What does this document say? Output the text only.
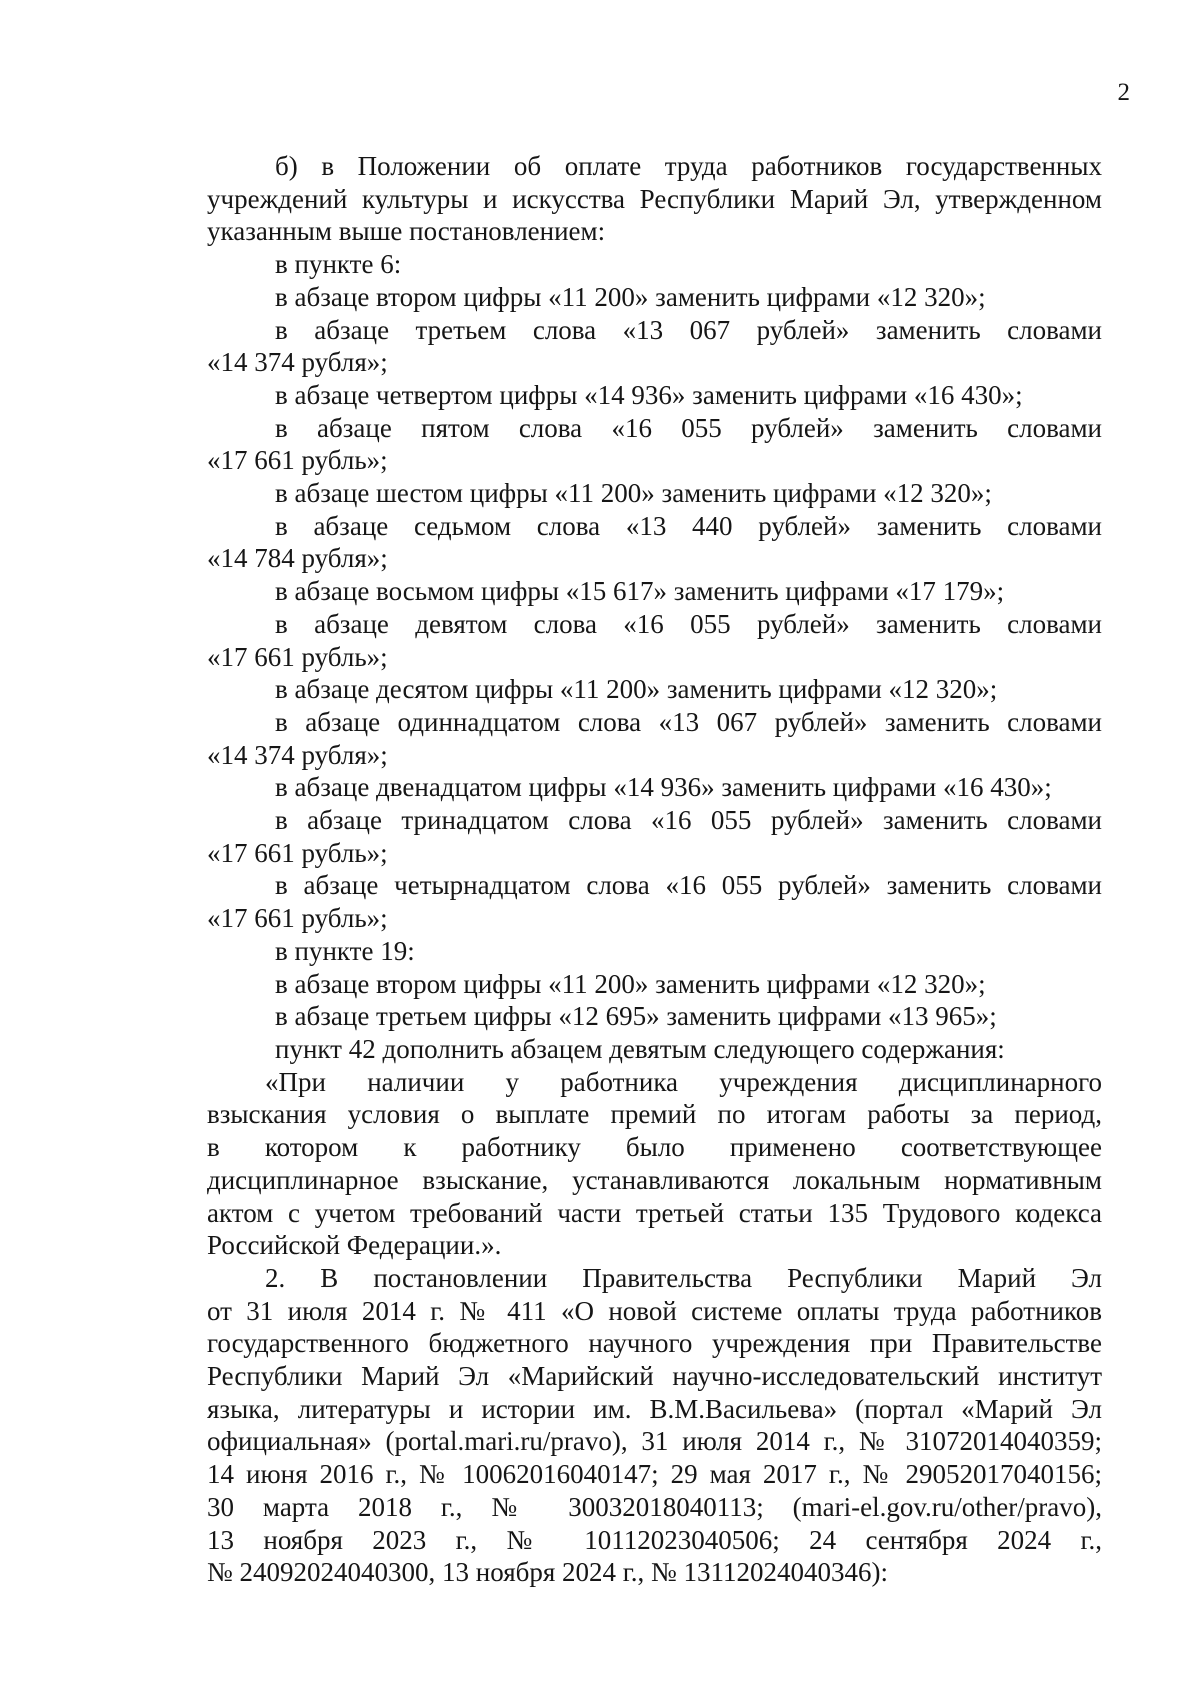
2

б) в Положении об оплате труда работников государственных

учреждений культуры и искусства Республики Марий Эл, утвержденном

указанным выше постановлением:

в пункте 6:

в абзаце втором цифры «11 200» заменить цифрами «12 320»;

в абзаце третьем слова «13 067 рублей» заменить словами

«14 374 рубля»;

в абзаце четвертом цифры «14 936» заменить цифрами «16 430»;

в абзаце пятом слова «16 055 рублей» заменить словами

«17 661 рубль»;

в абзаце шестом цифры «11 200» заменить цифрами «12 320»;

в абзаце седьмом слова «13 440 рублей» заменить словами

«14 784 рубля»;

в абзаце восьмом цифры «15 617» заменить цифрами «17 179»;

в абзаце девятом слова «16 055 рублей» заменить словами

«17 661 рубль»;

в абзаце десятом цифры «11 200» заменить цифрами «12 320»;

в абзаце одиннадцатом слова «13 067 рублей» заменить словами

«14 374 рубля»;

в абзаце двенадцатом цифры «14 936» заменить цифрами «16 430»;

в абзаце тринадцатом слова «16 055 рублей» заменить словами

«17 661 рубль»;

в абзаце четырнадцатом слова «16 055 рублей» заменить словами

«17 661 рубль»;

в пункте 19:

в абзаце втором цифры «11 200» заменить цифрами «12 320»;

в абзаце третьем цифры «12 695» заменить цифрами «13 965»;

пункт 42 дополнить абзацем девятым следующего содержания:

«При наличии у работника учреждения дисциплинарного

взыскания условия о выплате премий по итогам работы за период,

в котором к работнику было применено соответствующее

дисциплинарное взыскание, устанавливаются локальным нормативным

актом с учетом требований части третьей статьи 135 Трудового кодекса

Российской Федерации.».

2. В постановлении Правительства Республики Марий Эл

от 31 июля 2014 г. № 411 «О новой системе оплаты труда работников

государственного бюджетного научного учреждения при Правительстве

Республики Марий Эл «Марийский научно-исследовательский институт

языка, литературы и истории им. В.М.Васильева» (портал «Марий Эл

официальная» (portal.mari.ru/pravo), 31 июля 2014 г., № 31072014040359;

14 июня 2016 г., № 10062016040147; 29 мая 2017 г., № 29052017040156;

30 марта 2018 г., № 30032018040113; (mari-el.gov.ru/other/pravo),

13 ноября 2023 г., № 10112023040506; 24 сентября 2024 г.,

№ 24092024040300, 13 ноября 2024 г., № 13112024040346):
